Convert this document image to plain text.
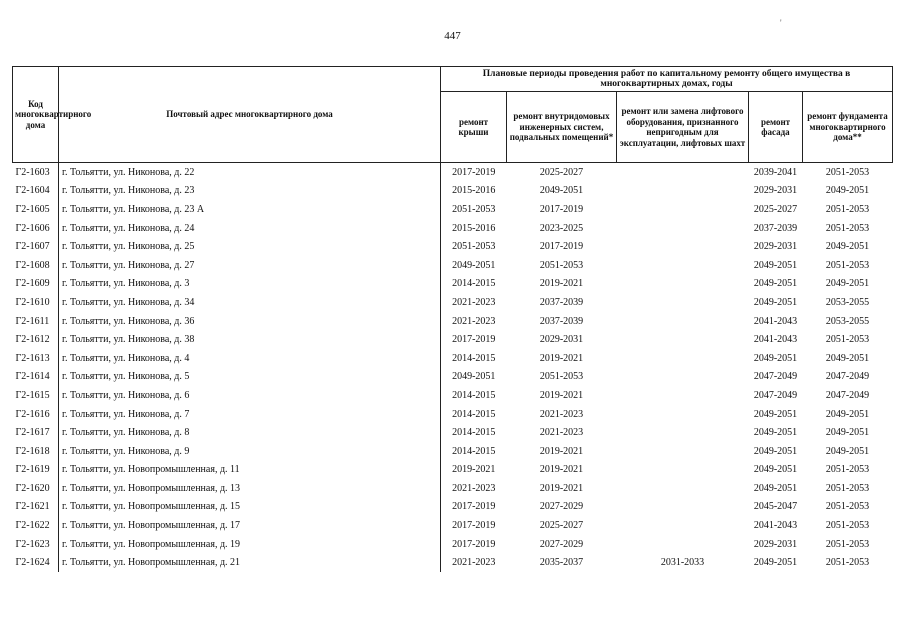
447
'
Код многоквартирного дома	Почтовый адрес многоквартирного дома	Плановые периоды проведения работ по капитальному ремонту общего имущества в многоквартирных домах, годы				
		ремонт крыши	ремонт внутридомовых инженерных систем, подвальных помещений*	ремонт или замена лифтового оборудования, признанного непригодным для эксплуатации, лифтовых шахт	ремонт фасада	ремонт фундамента многоквартирного дома**
Г2-1603	г. Тольятти, ул. Никонова, д. 22	2017-2019	2025-2027		2039-2041	2051-2053
Г2-1604	г. Тольятти, ул. Никонова, д. 23	2015-2016	2049-2051		2029-2031	2049-2051
Г2-1605	г. Тольятти, ул. Никонова, д. 23 А	2051-2053	2017-2019		2025-2027	2051-2053
Г2-1606	г. Тольятти, ул. Никонова, д. 24	2015-2016	2023-2025		2037-2039	2051-2053
Г2-1607	г. Тольятти, ул. Никонова, д. 25	2051-2053	2017-2019		2029-2031	2049-2051
Г2-1608	г. Тольятти, ул. Никонова, д. 27	2049-2051	2051-2053		2049-2051	2051-2053
Г2-1609	г. Тольятти, ул. Никонова, д. 3	2014-2015	2019-2021		2049-2051	2049-2051
Г2-1610	г. Тольятти, ул. Никонова, д. 34	2021-2023	2037-2039		2049-2051	2053-2055
Г2-1611	г. Тольятти, ул. Никонова, д. 36	2021-2023	2037-2039		2041-2043	2053-2055
Г2-1612	г. Тольятти, ул. Никонова, д. 38	2017-2019	2029-2031		2041-2043	2051-2053
Г2-1613	г. Тольятти, ул. Никонова, д. 4	2014-2015	2019-2021		2049-2051	2049-2051
Г2-1614	г. Тольятти, ул. Никонова, д. 5	2049-2051	2051-2053		2047-2049	2047-2049
Г2-1615	г. Тольятти, ул. Никонова, д. 6	2014-2015	2019-2021		2047-2049	2047-2049
Г2-1616	г. Тольятти, ул. Никонова, д. 7	2014-2015	2021-2023		2049-2051	2049-2051
Г2-1617	г. Тольятти, ул. Никонова, д. 8	2014-2015	2021-2023		2049-2051	2049-2051
Г2-1618	г. Тольятти, ул. Никонова, д. 9	2014-2015	2019-2021		2049-2051	2049-2051
Г2-1619	г. Тольятти, ул. Новопромышленная, д. 11	2019-2021	2019-2021		2049-2051	2051-2053
Г2-1620	г. Тольятти, ул. Новопромышленная, д. 13	2021-2023	2019-2021		2049-2051	2051-2053
Г2-1621	г. Тольятти, ул. Новопромышленная, д. 15	2017-2019	2027-2029		2045-2047	2051-2053
Г2-1622	г. Тольятти, ул. Новопромышленная, д. 17	2017-2019	2025-2027		2041-2043	2051-2053
Г2-1623	г. Тольятти, ул. Новопромышленная, д. 19	2017-2019	2027-2029		2029-2031	2051-2053
Г2-1624	г. Тольятти, ул. Новопромышленная, д. 21	2021-2023	2035-2037	2031-2033	2049-2051	2051-2053
